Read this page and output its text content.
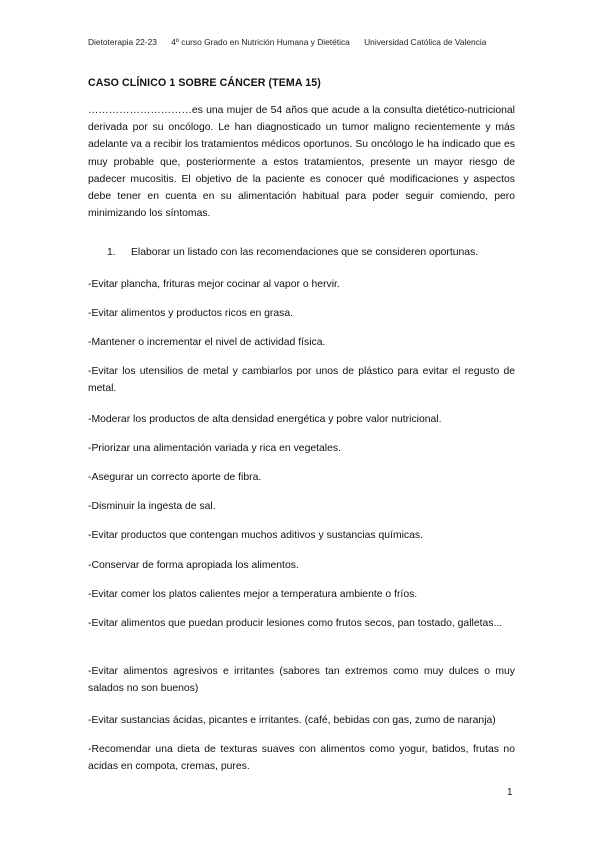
Dietoterapia 22-23 4º curso Grado en Nutrición Humana y Dietética Universidad Católica de Valencia
CASO CLÍNICO 1 SOBRE CÁNCER (TEMA 15)

…………………………es una mujer de 54 años que acude a la consulta dietético-nutricional derivada por su oncólogo. Le han diagnosticado un tumor maligno recientemente y más adelante va a recibir los tratamientos médicos oportunos. Su oncólogo le ha indicado que es muy probable que, posteriormente a estos tratamientos, presente un mayor riesgo de padecer mucositis. El objetivo de la paciente es conocer qué modificaciones y aspectos debe tener en cuenta en su alimentación habitual para poder seguir comiendo, pero minimizando los síntomas.

1. Elaborar un listado con las recomendaciones que se consideren oportunas.

-Evitar plancha, frituras mejor cocinar al vapor o hervir.

-Evitar alimentos y productos ricos en grasa.

-Mantener o incrementar el nivel de actividad física.

-Evitar los utensilios de metal y cambiarlos por unos de plástico para evitar el regusto de metal.

-Moderar los productos de alta densidad energética y pobre valor nutricional.

-Priorizar una alimentación variada y rica en vegetales.

-Asegurar un correcto aporte de fibra.

-Disminuir la ingesta de sal.

-Evitar productos que contengan muchos aditivos y sustancias químicas.

-Conservar de forma apropiada los alimentos.

-Evitar comer los platos calientes mejor a temperatura ambiente o fríos.

-Evitar alimentos que puedan producir lesiones como frutos secos, pan tostado, galletas...

-Evitar alimentos agresivos e irritantes (sabores tan extremos como muy dulces o muy salados no son buenos)

-Evitar sustancias ácidas, picantes e irritantes. (café, bebidas con gas, zumo de naranja)

-Recomendar una dieta de texturas suaves con alimentos como yogur, batidos, frutas no acidas en compota, cremas, pures.

1
